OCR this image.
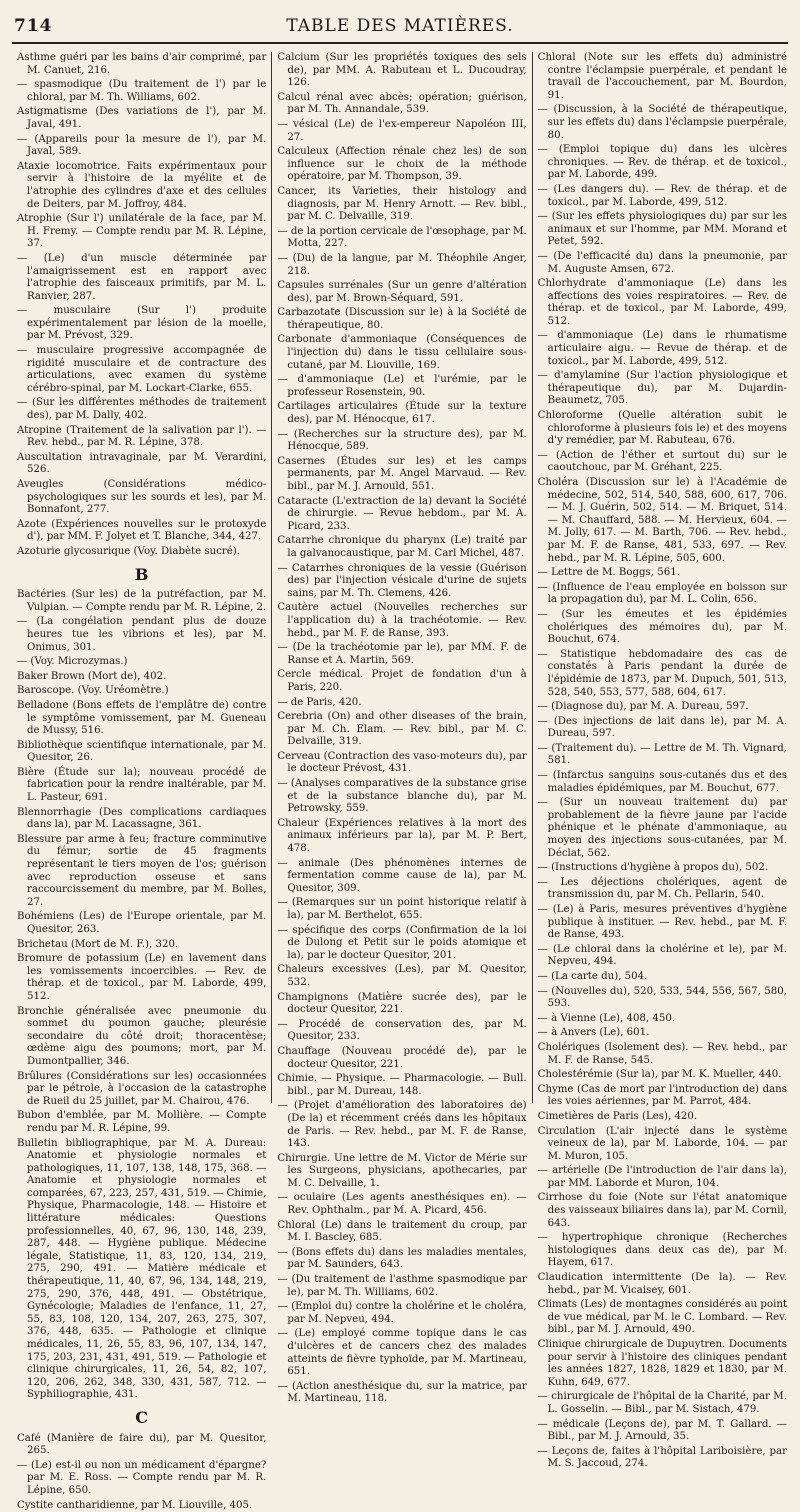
714	TABLE DES MATIÈRES.
Asthme guéri par les bains d'air comprimé, par M. Canuet, 216.
— spasmodique (Du traitement de l') par le chloral, par M. Th. Williams, 602.
Astigmatisme (Des variations de l'), par M. Javal, 491.
— (Appareils pour la mesure de l'), par M. Javal, 589.
Ataxie locomotrice. Faits expérimentaux pour servir à l'histoire de la myélite et de l'atrophie des cylindres d'axe et des cellules de Deiters, par M. Joffroy, 484.
Atrophie (Sur l') unilatérale de la face, par M. H. Fremy. — Compte rendu par M. R. Lépine, 37.
— (Le) d'un muscle déterminée par l'amaigrissement est en rapport avec l'atrophie des faisceaux primitifs, par M. L. Ranvier, 287.
— musculaire (Sur l') produite expérimentalement par lésion de la moelle, par M. Prévost, 329.
— musculaire progressive accompagnée de rigidité musculaire et de contracture des articulations, avec examen du système cérébro-spinal, par M. Lockart-Clarke, 655.
— (Sur les différentes méthodes de traitement des), par M. Dally, 402.
Atropine (Traitement de la salivation par l'). — Rev. hebd., par M. R. Lépine, 378.
Auscultation intravaginale, par M. Verardini, 526.
Aveugles (Considérations médico-psychologiques sur les sourds et les), par M. Bonnafont, 277.
Azote (Expériences nouvelles sur le protoxyde d'), par MM. F. Jolyet et T. Blanche, 344, 427.
Azoturie glycosurique (Voy. Diabète sucré).
B
Bactéries (Sur les) de la putréfaction, par M. Vulpian. — Compte rendu par M. R. Lépine, 2.
— (La congélation pendant plus de douze heures tue les vibrions et les), par M. Onimus, 301.
— (Voy. Microzymas.)
Baker Brown (Mort de), 402.
Baroscope. (Voy. Uréomètre.)
Belladone (Bons effets de l'emplâtre de) contre le symptôme vomissement, par M. Gueneau de Mussy, 516.
Bibliothèque scientifique internationale, par M. Quesitor, 26.
Bière (Étude sur la); nouveau procédé de fabrication pour la rendre inaltérable, par M. L. Pasteur, 691.
Blennorrhagie (Des complications cardiaques dans la), par M. Lacassagne, 361.
Blessure par arme à feu; fracture comminutive du fémur; sortie de 45 fragments représentant le tiers moyen de l'os; guérison avec reproduction osseuse et sans raccourcissement du membre, par M. Bolles, 27.
Bohémiens (Les) de l'Europe orientale, par M. Quesitor, 263.
Brichetau (Mort de M. F.), 320.
Bromure de potassium (Le) en lavement dans les vomissements incoercibles. — Rev. de thérap. et de toxicol., par M. Laborde, 499, 512.
Bronchie généralisée avec pneumonie du sommet du poumon gauche; pleurésie secondaire du côté droit; thoracentèse; œdème aigu des poumons; mort, par M. Dumontpallier, 346.
Brûlures (Considérations sur les) occasionnées par le pétrole, à l'occasion de la catastrophe de Rueil du 25 juillet, par M. Chairou, 476.
Bubon d'emblée, par M. Mollière. — Compte rendu par M. R. Lépine, 99.
Bulletin bibliographique, par M. A. Dureau: Anatomie et physiologie normales et pathologiques, 11, 107, 138, 148, 175, 368. — Anatomie et physiologie normales et comparées, 67, 223, 257, 431, 519. — Chimie, Physique, Pharmacologie, 148. — Histoire et littérature médicales: Questions professionnelles, 40, 67, 96, 130, 148, 239, 287, 448. — Hygiène publique. Médecine légale, Statistique, 11, 83, 120, 134, 219, 275, 290, 491. — Matière médicale et thérapeutique, 11, 40, 67, 96, 134, 148, 219, 275, 290, 376, 448, 491. — Obstétrique, Gynécologie; Maladies de l'enfance, 11, 27, 55, 83, 108, 120, 134, 207, 263, 275, 307, 376, 448, 635. — Pathologie et clinique médicales, 11, 26, 55, 83, 96, 107, 134, 147, 175, 203, 231, 431, 491, 519. — Pathologie et clinique chirurgicales, 11, 26, 54, 82, 107, 120, 206, 262, 348, 330, 431, 587, 712. — Syphiliographie, 431.
C
Café (Manière de faire du), par M. Quesitor, 265.
— (Le) est-il ou non un médicament d'épargne? par M. E. Ross. — Compte rendu par M. R. Lépine, 650.
Cystite cantharidienne, par M. Liouville, 405.
Calcium (Sur les propriétés toxiques des sels de), par MM. A. Rabuteau et L. Ducoudray, 126.
Calcul rénal avec abcès; opération; guérison, par M. Th. Annandale, 539.
— vésical (Le) de l'ex-empereur Napoléon III, 27.
Calculeux (Affection rénale chez les) de son influence sur le choix de la méthode opératoire, par M. Thompson, 39.
Cancer, its Varieties, their histology and diagnosis, par M. Henry Arnott. — Rev. bibl., par M. C. Delvaille, 319.
— de la portion cervicale de l'œsophage, par M. Motta, 227.
— (Du) de la langue, par M. Théophile Anger, 218.
Capsules surrénales (Sur un genre d'altération des), par M. Brown-Séquard, 591.
Carbazotate (Discussion sur le) à la Société de thérapeutique, 80.
Carbonate d'ammoniaque (Conséquences de l'injection du) dans le tissu cellulaire sous-cutané, par M. Liouville, 169.
— d'ammoniaque (Le) et l'urémie, par le professeur Rosenstein, 90.
Cartilages articulaires (Étude sur la texture des), par M. Hénocque, 617.
— (Recherches sur la structure des), par M. Hénocque, 589.
Casernes (Études sur les) et les camps permanents, par M. Angel Marvaud. — Rev. bibl., par M. J. Arnould, 551.
Cataracte (L'extraction de la) devant la Société de chirurgie. — Revue hebdom., par M. A. Picard, 233.
Catarrhe chronique du pharynx (Le) traité par la galvanocaustique, par M. Carl Michel, 487.
— Catarrhes chroniques de la vessie (Guérison des) par l'injection vésicale d'urine de sujets sains, par M. Th. Clemens, 426.
Cautère actuel (Nouvelles recherches sur l'application du) à la trachéotomie. — Rev. hebd., par M. F. de Ranse, 393.
— (De la trachéotomie par le), par MM. F. de Ranse et A. Martin, 569.
Cercle médical. Projet de fondation d'un à Paris, 220.
— de Paris, 420.
Cerebria (On) and other diseases of the brain, par M. Ch. Elam. — Rev. bibl., par M. C. Delvaille, 319.
Cerveau (Contraction des vaso-moteurs du), par le docteur Prévost, 431.
— (Analyses comparatives de la substance grise et de la substance blanche du), par M. Petrowsky, 559.
Chaleur (Expériences relatives à la mort des animaux inférieurs par la), par M. P. Bert, 478.
— animale (Des phénomènes internes de fermentation comme cause de la), par M. Quesitor, 309.
— (Remarques sur un point historique relatif à la), par M. Berthelot, 655.
— spécifique des corps (Confirmation de la loi de Dulong et Petit sur le poids atomique et la), par le docteur Quesitor, 201.
Chaleurs excessives (Les), par M. Quesitor, 532.
Champignons (Matière sucrée des), par le docteur Quesitor, 221.
— Procédé de conservation des, par M. Quesitor, 233.
Chauffage (Nouveau procédé de), par le docteur Quesitor, 221.
Chimie. — Physique. — Pharmacologie. — Bull. bibl., par M. Dureau, 148.
— (Projet d'amélioration des laboratoires de) (De la) et récemment créés dans les hôpitaux de Paris. — Rev. hebd., par M. F. de Ranse, 143.
Chirurgie. Une lettre de M. Victor de Mérie sur les Surgeons, physicians, apothecaries, par M. C. Delvaille, 1.
— oculaire (Les agents anesthésiques en). — Rev. Ophthalm., par M. A. Picard, 456.
Chloral (Le) dans le traitement du croup, par M. I. Bascley, 685.
— (Bons effets du) dans les maladies mentales, par M. Saunders, 643.
— (Du traitement de l'asthme spasmodique par le), par M. Th. Williams, 602.
— (Emploi du) contre la cholérine et le choléra, par M. Nepveu, 494.
— (Le) employé comme topique dans le cas d'ulcères et de cancers chez des malades atteints de fièvre typhoïde, par M. Martineau, 651.
— (Action anesthésique du, sur la matrice, par M. Martineau, 118.
Chloral (Note sur les effets du) administré contre l'éclampsie puerpérale, et pendant le travail de l'accouchement, par M. Bourdon, 91.
— (Discussion, à la Société de thérapeutique, sur les effets du) dans l'éclampsie puerpérale, 80.
— (Emploi topique du) dans les ulcères chroniques. — Rev. de thérap. et de toxicol., par M. Laborde, 499.
— (Les dangers du). — Rev. de thérap. et de toxicol., par M. Laborde, 499, 512.
— (Sur les effets physiologiques du) par sur les animaux et sur l'homme, par MM. Morand et Petet, 592.
— (De l'efficacité du) dans la pneumonie, par M. Auguste Amsen, 672.
Chlorhydrate d'ammoniaque (Le) dans les affections des voies respiratoires. — Rev. de thérap. et de toxicol., par M. Laborde, 499, 512.
— d'ammoniaque (Le) dans le rhumatisme articulaire aigu. — Revue de thérap. et de toxicol., par M. Laborde, 499, 512.
— d'amylamine (Sur l'action physiologique et thérapeutique du), par M. Dujardin-Beaumetz, 705.
Chloroforme (Quelle altération subit le chloroforme à plusieurs fois le) et des moyens d'y remédier, par M. Rabuteau, 676.
— (Action de l'éther et surtout du) sur le caoutchouc, par M. Gréhant, 225.
Choléra (Discussion sur le) à l'Académie de médecine, 502, 514, 540, 588, 600, 617, 706. — M. J. Guérin, 502, 514. — M. Briquet, 514. — M. Chauffard, 588. — M. Hervieux, 604. — M. Jolly, 617. — M. Barth, 706. — Rev. hebd., par M. F. de Ranse, 481, 533, 697. — Rev. hebd., par M. R. Lépine, 505, 600.
— Lettre de M. Boggs, 561.
— (Influence de l'eau employée en boisson sur la propagation du), par M. L. Colin, 656.
— (Sur les émeutes et les épidémies cholériques des mémoires du), par M. Bouchut, 674.
— Statistique hebdomadaire des cas de constatés à Paris pendant la durée de l'épidémie de 1873, par M. Dupuch, 501, 513, 528, 540, 553, 577, 588, 604, 617.
— (Diagnose du), par M. A. Dureau, 597.
— (Des injections de lait dans le), par M. A. Dureau, 597.
— (Traitement du). — Lettre de M. Th. Vignard, 581.
— (Infarctus sanguins sous-cutanés dus et des maladies épidémiques, par M. Bouchut, 677.
— (Sur un nouveau traitement du) par probablement de la fièvre jaune par l'acide phénique et le phénate d'ammoniaque, au moyen des injections sous-cutanées, par M. Déclat, 562.
— (Instructions d'hygiène à propos du), 502.
— Les déjections cholériques, agent de transmission du, par M. Ch. Pellarin, 540.
— (Le) à Paris, mesures préventives d'hygiène publique à instituer. — Rev. hebd., par M. F. de Ranse, 493.
— (Le chloral dans la cholérine et le), par M. Nepveu, 494.
— (La carte du), 504.
— (Nouvelles du), 520, 533, 544, 556, 567, 580, 593.
— à Vienne (Le), 408, 450.
— à Anvers (Le), 601.
Cholériques (Isolement des). — Rev. hebd., par M. F. de Ranse, 545.
Cholestérémie (Sur la), par M. K. Mueller, 440.
Chyme (Cas de mort par l'introduction de) dans les voies aériennes, par M. Parrot, 484.
Cimetières de Paris (Les), 420.
Circulation (L'air injecté dans le système veineux de la), par M. Laborde, 104. — par M. Muron, 105.
— artérielle (De l'introduction de l'air dans la), par MM. Laborde et Muron, 104.
Cirrhose du foie (Note sur l'état anatomique des vaisseaux biliaires dans la), par M. Cornil, 643.
— hypertrophique chronique (Recherches histologiques dans deux cas de), par M. Hayem, 617.
Claudication intermittente (De la). — Rev. hebd., par M. Vicaisey, 601.
Climats (Les) de montagnes considérés au point de vue médical, par M. le C. Lombard. — Rev. bibl., par M. J. Arnould, 490.
Clinique chirurgicale de Dupuytren. Documents pour servir à l'histoire des cliniques pendant les années 1827, 1828, 1829 et 1830, par M. Kuhn, 649, 677.
— chirurgicale de l'hôpital de la Charité, par M. L. Gosselin. — Bibl., par M. Sistach, 479.
— médicale (Leçons de), par M. T. Gallard. — Bibl., par M. J. Arnould, 35.
— Leçons de, faites à l'hôpital Lariboisière, par M. S. Jaccoud, 274.
